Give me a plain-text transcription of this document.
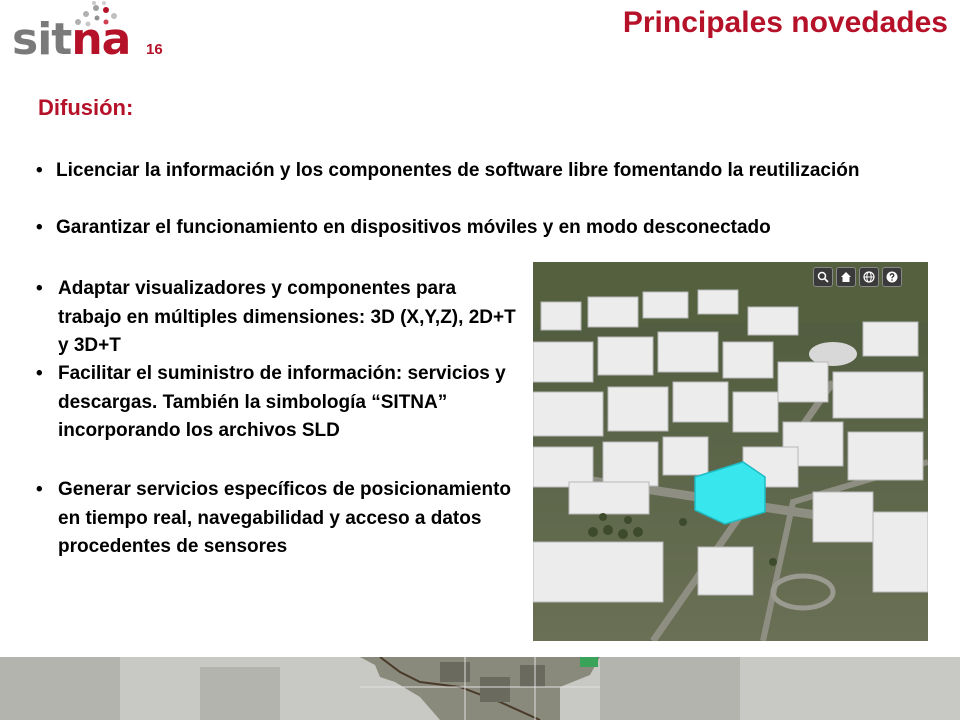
sitna 16
Principales novedades
Difusión:
• Licenciar la información y los componentes de software libre fomentando la reutilización
• Garantizar el funcionamiento en dispositivos móviles y en modo desconectado
• Adaptar visualizadores y componentes para trabajo en múltiples dimensiones: 3D (X,Y,Z), 2D+T y 3D+T
• Facilitar el suministro de información: servicios y descargas. También la simbología “SITNA” incorporando los archivos SLD
• Generar servicios específicos de posicionamiento en tiempo real, navegabilidad y acceso a datos procedentes de sensores
